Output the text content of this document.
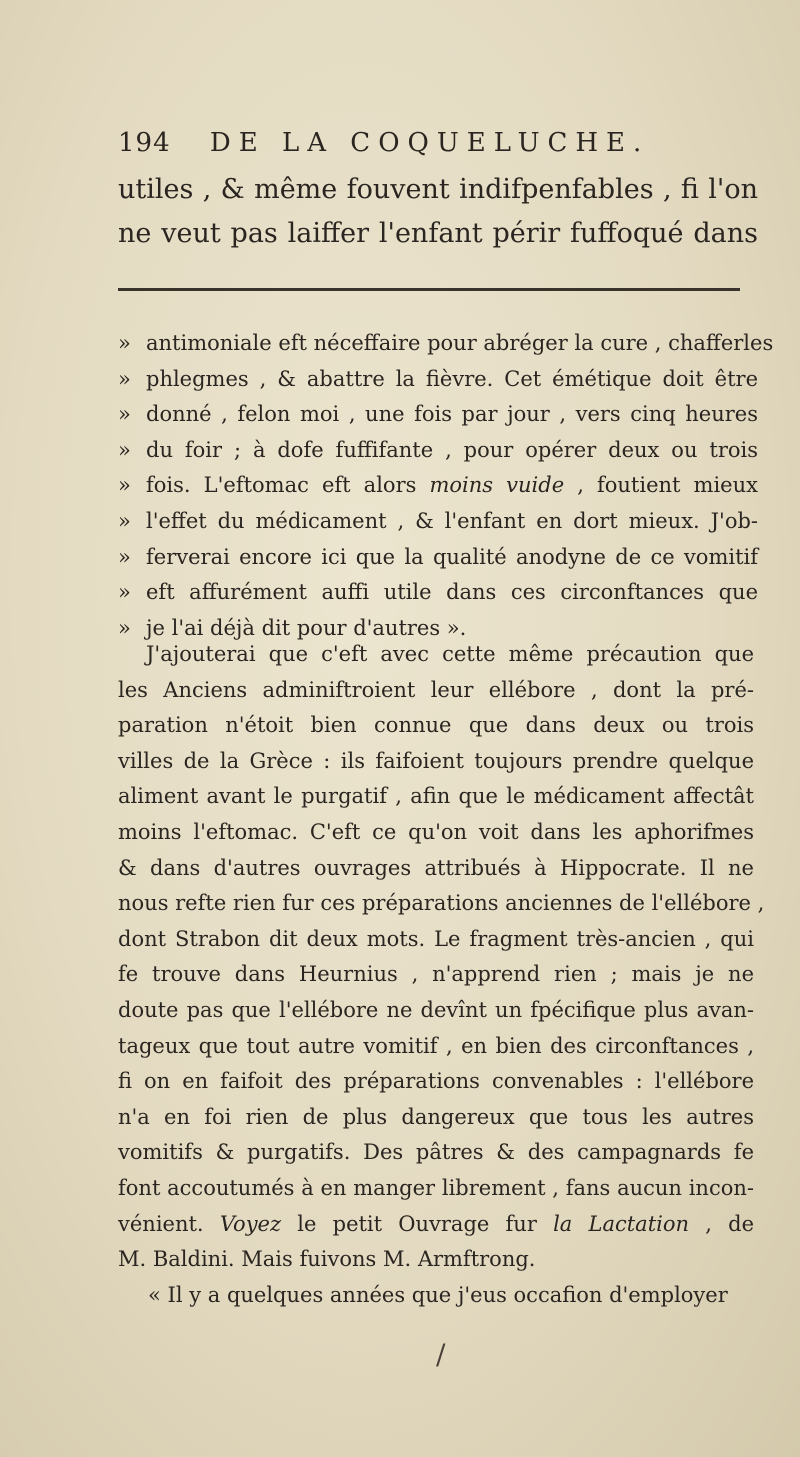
194 DE LA COQUELUCHE.
utiles , & même fouvent indifpenfables , fi l'on
ne veut pas laiffer l'enfant périr fuffoqué dans
» antimoniale eft néceffaire pour abréger la cure , chafferles
» phlegmes , & abattre la fièvre. Cet émétique doit être
» donné , felon moi , une fois par jour , vers cinq heures
» du foir ; à dofe fuffifante , pour opérer deux ou trois
» fois. L'eftomac eft alors moins vuide , foutient mieux
» l'effet du médicament , & l'enfant en dort mieux. J'ob-
» ferverai encore ici que la qualité anodyne de ce vomitif
» eft affurément auffi utile dans ces circonftances que
» je l'ai déjà dit pour d'autres ».
J'ajouterai que c'eft avec cette même précaution que
les Anciens adminiftroient leur ellébore , dont la pré-
paration n'étoit bien connue que dans deux ou trois
villes de la Grèce : ils faifoient toujours prendre quelque
aliment avant le purgatif , afin que le médicament affectât
moins l'eftomac. C'eft ce qu'on voit dans les aphorifmes
& dans d'autres ouvrages attribués à Hippocrate. Il ne
nous refte rien fur ces préparations anciennes de l'ellébore ,
dont Strabon dit deux mots. Le fragment très-ancien , qui
fe trouve dans Heurnius , n'apprend rien ; mais je ne
doute pas que l'ellébore ne devînt un fpécifique plus avan-
tageux que tout autre vomitif , en bien des circonftances ,
fi on en faifoit des préparations convenables : l'ellébore
n'a en foi rien de plus dangereux que tous les autres
vomitifs & purgatifs. Des pâtres & des campagnards fe
font accoutumés à en manger librement , fans aucun incon-
vénient. Voyez le petit Ouvrage fur la Lactation , de
M. Baldini. Mais fuivons M. Armftrong.
« Il y a quelques années que j'eus occafion d'employer
/
